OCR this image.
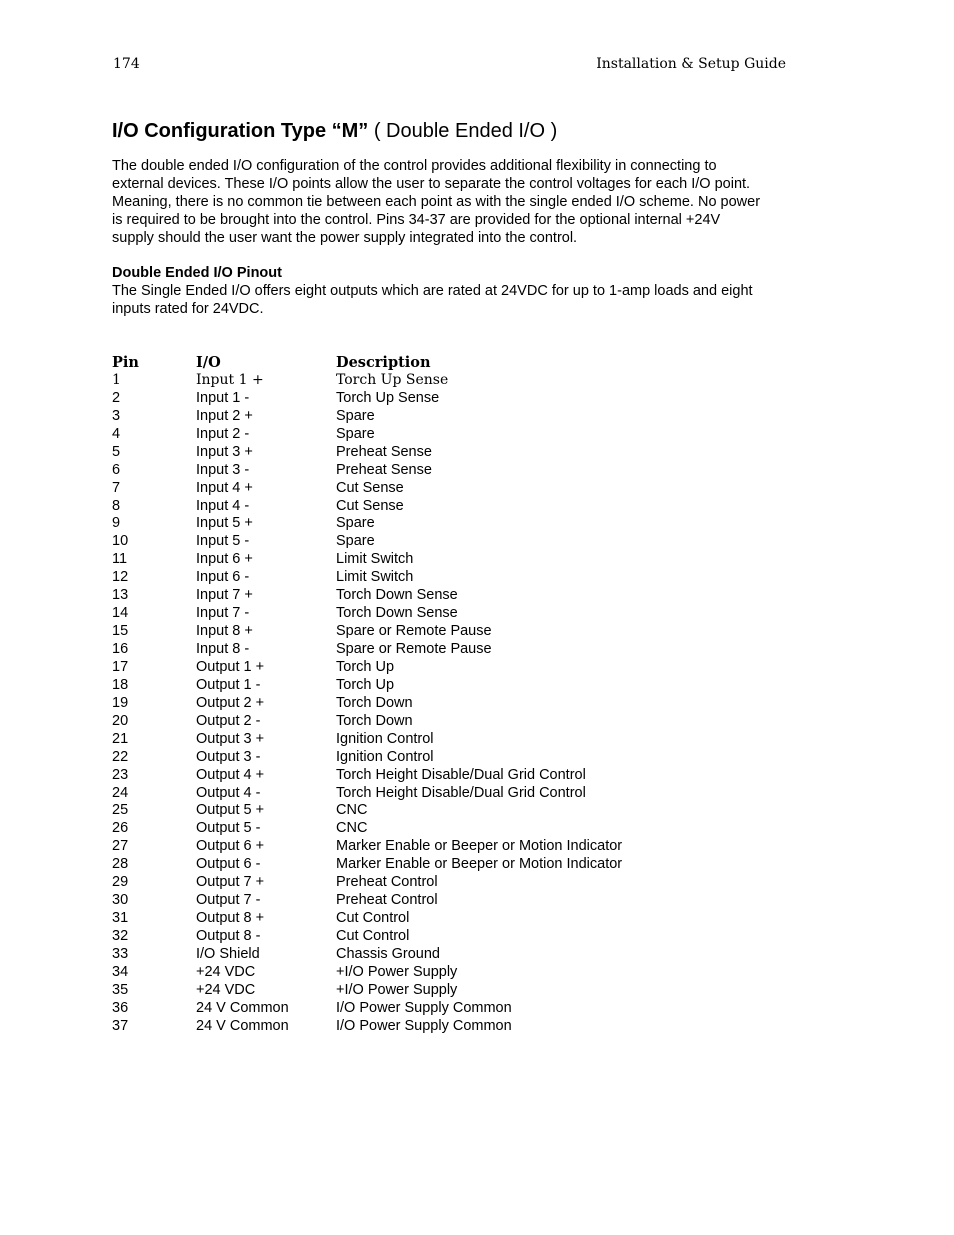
174	Installation & Setup Guide
I/O Configuration Type “M” ( Double Ended I/O )
The double ended I/O configuration of the control provides additional flexibility in connecting to
external devices. These I/O points allow the user to separate the control voltages for each I/O point.
Meaning, there is no common tie between each point as with the single ended I/O scheme. No power
is required to be brought into the control. Pins 34-37 are provided for the optional internal +24V
supply should the user want the power supply integrated into the control.
Double Ended I/O Pinout
The Single Ended I/O offers eight outputs which are rated at 24VDC for up to 1-amp loads and eight
inputs rated for 24VDC.
Pin	I/O	Description
1	Input 1 +	Torch Up Sense
2	Input 1 -	Torch Up Sense
3	Input 2 +	Spare
4	Input 2 -	Spare
5	Input 3 +	Preheat Sense
6	Input 3 -	Preheat Sense
7	Input 4 +	Cut Sense
8	Input 4 -	Cut Sense
9	Input 5 +	Spare
10	Input 5 -	Spare
11	Input 6 +	Limit Switch
12	Input 6 -	Limit Switch
13	Input 7 +	Torch Down Sense
14	Input 7 -	Torch Down Sense
15	Input 8 +	Spare or Remote Pause
16	Input 8 -	Spare or Remote Pause
17	Output 1 +	Torch Up
18	Output 1 -	Torch Up
19	Output 2 +	Torch Down
20	Output 2 -	Torch Down
21	Output 3 +	Ignition Control
22	Output 3 -	Ignition Control
23	Output 4 +	Torch Height Disable/Dual Grid Control
24	Output 4 -	Torch Height Disable/Dual Grid Control
25	Output 5 +	CNC
26	Output 5 -	CNC
27	Output 6 +	Marker Enable or Beeper or Motion Indicator
28	Output 6 -	Marker Enable or Beeper or Motion Indicator
29	Output 7 +	Preheat Control
30	Output 7 -	Preheat Control
31	Output 8 +	Cut Control
32	Output 8 -	Cut Control
33	I/O Shield	Chassis Ground
34	+24 VDC	+I/O Power Supply
35	+24 VDC	+I/O Power Supply
36	24 V Common	I/O Power Supply Common
37	24 V Common	I/O Power Supply Common
